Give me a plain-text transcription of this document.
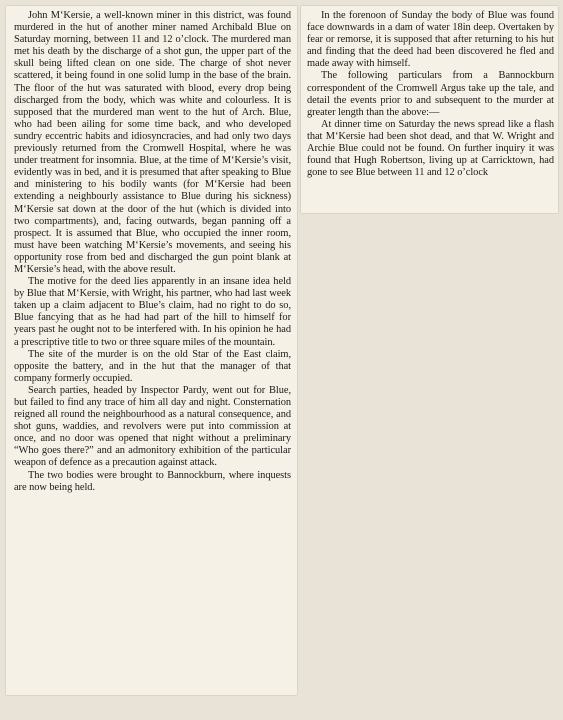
John M‘Kersie, a well-known miner in this district, was found murdered in the hut of another miner named Archibald Blue on Saturday morning, between 11 and 12 o’clock. The murdered man met his death by the discharge of a shot gun, the upper part of the skull being lifted clean on one side. The charge of shot never scattered, it being found in one solid lump in the base of the brain. The floor of the hut was saturated with blood, every drop being discharged from the body, which was white and colourless. It is supposed that the murdered man went to the hut of Arch. Blue, who had been ailing for some time back, and who developed sundry eccentric habits and idiosyncracies, and had only two days previously returned from the Cromwell Hospital, where he was under treatment for insomnia. Blue, at the time of M‘Kersie’s visit, evidently was in bed, and it is presumed that after speaking to Blue and ministering to his bodily wants (for M‘Kersie had been extending a neighbourly assistance to Blue during his sickness) M‘Kersie sat down at the door of the hut (which is divided into two compartments), and, facing outwards, began panning off a prospect. It is assumed that Blue, who occupied the inner room, must have been watching M‘Kersie’s movements, and seeing his opportunity rose from bed and discharged the gun point blank at M‘Kersie’s head, with the above result.

The motive for the deed lies apparently in an insane idea held by Blue that M‘Kersie, with Wright, his partner, who had last week taken up a claim adjacent to Blue’s claim, had no right to do so, Blue fancying that as he had had part of the hill to himself for years past he ought not to be interfered with. In his opinion he had a prescriptive title to two or three square miles of the mountain.

The site of the murder is on the old Star of the East claim, opposite the battery, and in the hut that the manager of that company formerly occupied.

Search parties, headed by Inspector Pardy, went out for Blue, but failed to find any trace of him all day and night. Consternation reigned all round the neighbourhood as a natural consequence, and shot guns, waddies, and revolvers were put into commission at once, and no door was opened that night without a preliminary “Who goes there?” and an admonitory exhibition of the particular weapon of defence as a precaution against attack.

The two bodies were brought to Bannockburn, where inquests are now being held.

In the forenoon of Sunday the body of Blue was found face downwards in a dam of water 18in deep. Overtaken by fear or remorse, it is supposed that after returning to his hut and finding that the deed had been discovered he fled and made away with himself.

The following particulars from a Bannockburn correspondent of the Cromwell Argus take up the tale, and detail the events prior to and subsequent to the murder at greater length than the above:—

At dinner time on Saturday the news spread like a flash that M‘Kersie had been shot dead, and that W. Wright and Archie Blue could not be found. On further inquiry it was found that Hugh Robertson, living up at Carricktown, had gone to see Blue between 11 and 12 o’clock
